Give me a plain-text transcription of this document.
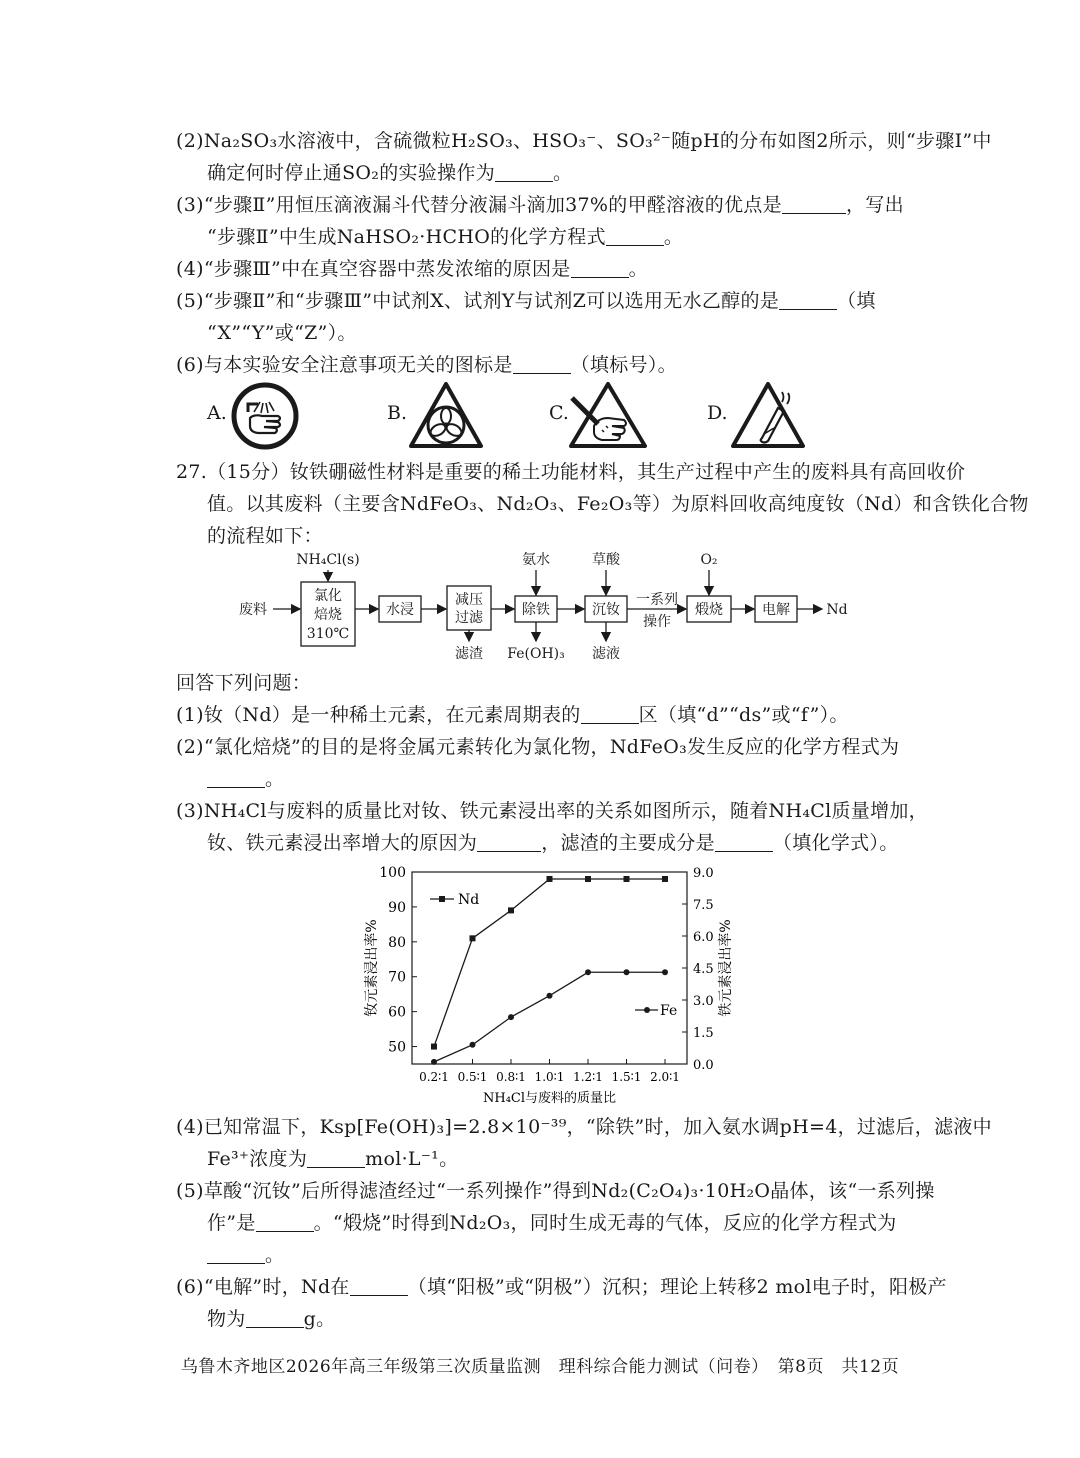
(2)Na₂SO₃水溶液中，含硫微粒H₂SO₃、HSO₃⁻、SO₃²⁻随pH的分布如图2所示，则“步骤Ⅰ”中
确定何时停止通SO₂的实验操作为	。
(3)“步骤Ⅱ”用恒压滴液漏斗代替分液漏斗滴加37%的甲醛溶液的优点是	，写出
“步骤Ⅱ”中生成NaHSO₂·HCHO的化学方程式	。
(4)“步骤Ⅲ”中在真空容器中蒸发浓缩的原因是	。
(5)“步骤Ⅱ”和“步骤Ⅲ”中试剂X、试剂Y与试剂Z可以选用无水乙醇的是	（填
“X”“Y”或“Z”）。
(6)与本实验安全注意事项无关的图标是	（填标号）。
A.	B.	C.	D.
27.（15分）钕铁硼磁性材料是重要的稀土功能材料，其生产过程中产生的废料具有高回收价
值。以其废料（主要含NdFeO₃、Nd₂O₃、Fe₂O₃等）为原料回收高纯度钕（Nd）和含铁化合物
的流程如下：
废料
NH₄Cl(s)
氯化
焙烧
310℃
水浸
减压
过滤
滤渣
氨水
除铁
Fe(OH)₃
草酸
沉钕
滤液
一系列
操作
O₂
煅烧	电解	Nd
回答下列问题：
(1)钕（Nd）是一种稀土元素，在元素周期表的	区（填“d”“ds”或“f”）。
(2)“氯化焙烧”的目的是将金属元素转化为氯化物，NdFeO₃发生反应的化学方程式为
。
(3)NH₄Cl与废料的质量比对钕、铁元素浸出率的关系如图所示，随着NH₄Cl质量增加，
钕、铁元素浸出率增大的原因为	，滤渣的主要成分是	（填化学式）。
50
60
70
80
90
100
0.0
1.5
3.0
4.5
6.0
7.5
9.0
0.2∶1 0.5∶1 0.8∶1 1.0∶1 1.2∶1 1.5∶1 2.0∶1
NH₄Cl与废料的质量比
钕元素浸出率%	铁元素浸出率%
Nd
Fe
(4)已知常温下，Ksp[Fe(OH)₃]=2.8×10⁻³⁹，“除铁”时，加入氨水调pH=4，过滤后，滤液中
Fe³⁺浓度为	mol·L⁻¹。
(5)草酸“沉钕”后所得滤渣经过“一系列操作”得到Nd₂(C₂O₄)₃·10H₂O晶体，该“一系列操
作”是	。“煅烧”时得到Nd₂O₃，同时生成无毒的气体，反应的化学方程式为
。
(6)“电解”时，Nd在	（填“阳极”或“阴极”）沉积；理论上转移2 mol电子时，阳极产
物为	g。
乌鲁木齐地区2026年高三年级第三次质量监测　理科综合能力测试（问卷）　第8页　共12页
